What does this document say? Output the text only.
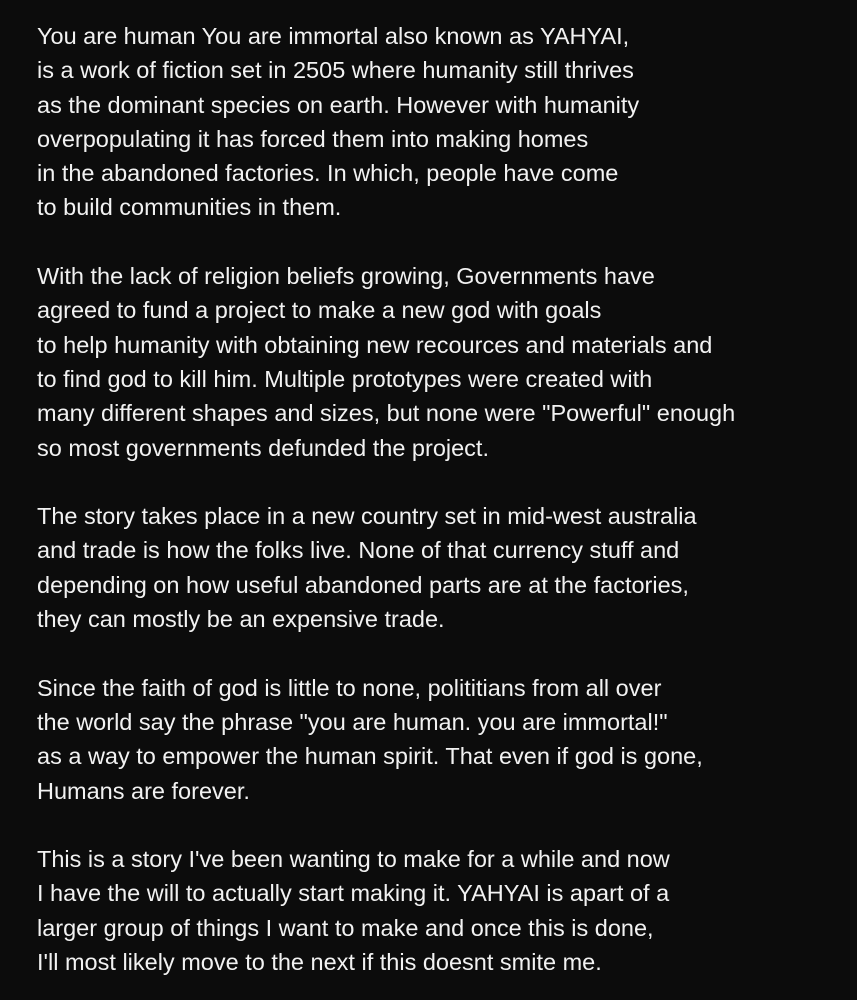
You are human You are immortal also known as YAHYAI,
is a work of fiction set in 2505 where humanity still thrives
as the dominant species on earth. However with humanity
overpopulating it has forced them into making homes
in the abandoned factories. In which, people have come
to build communities in them.

With the lack of religion beliefs growing, Governments have
agreed to fund a project to make a new god with goals
to help humanity with obtaining new recources and materials and
to find god to kill him. Multiple prototypes were created with
many different shapes and sizes, but none were "Powerful" enough
so most governments defunded the project.

The story takes place in a new country set in mid-west australia
and trade is how the folks live. None of that currency stuff and
depending on how useful abandoned parts are at the factories,
they can mostly be an expensive trade.

Since the faith of god is little to none, polititians from all over
the world say the phrase "you are human. you are immortal!"
as a way to empower the human spirit. That even if god is gone,
Humans are forever.

This is a story I've been wanting to make for a while and now
I have the will to actually start making it. YAHYAI is apart of a
larger group of things I want to make and once this is done,
I'll most likely move to the next if this doesnt smite me.
